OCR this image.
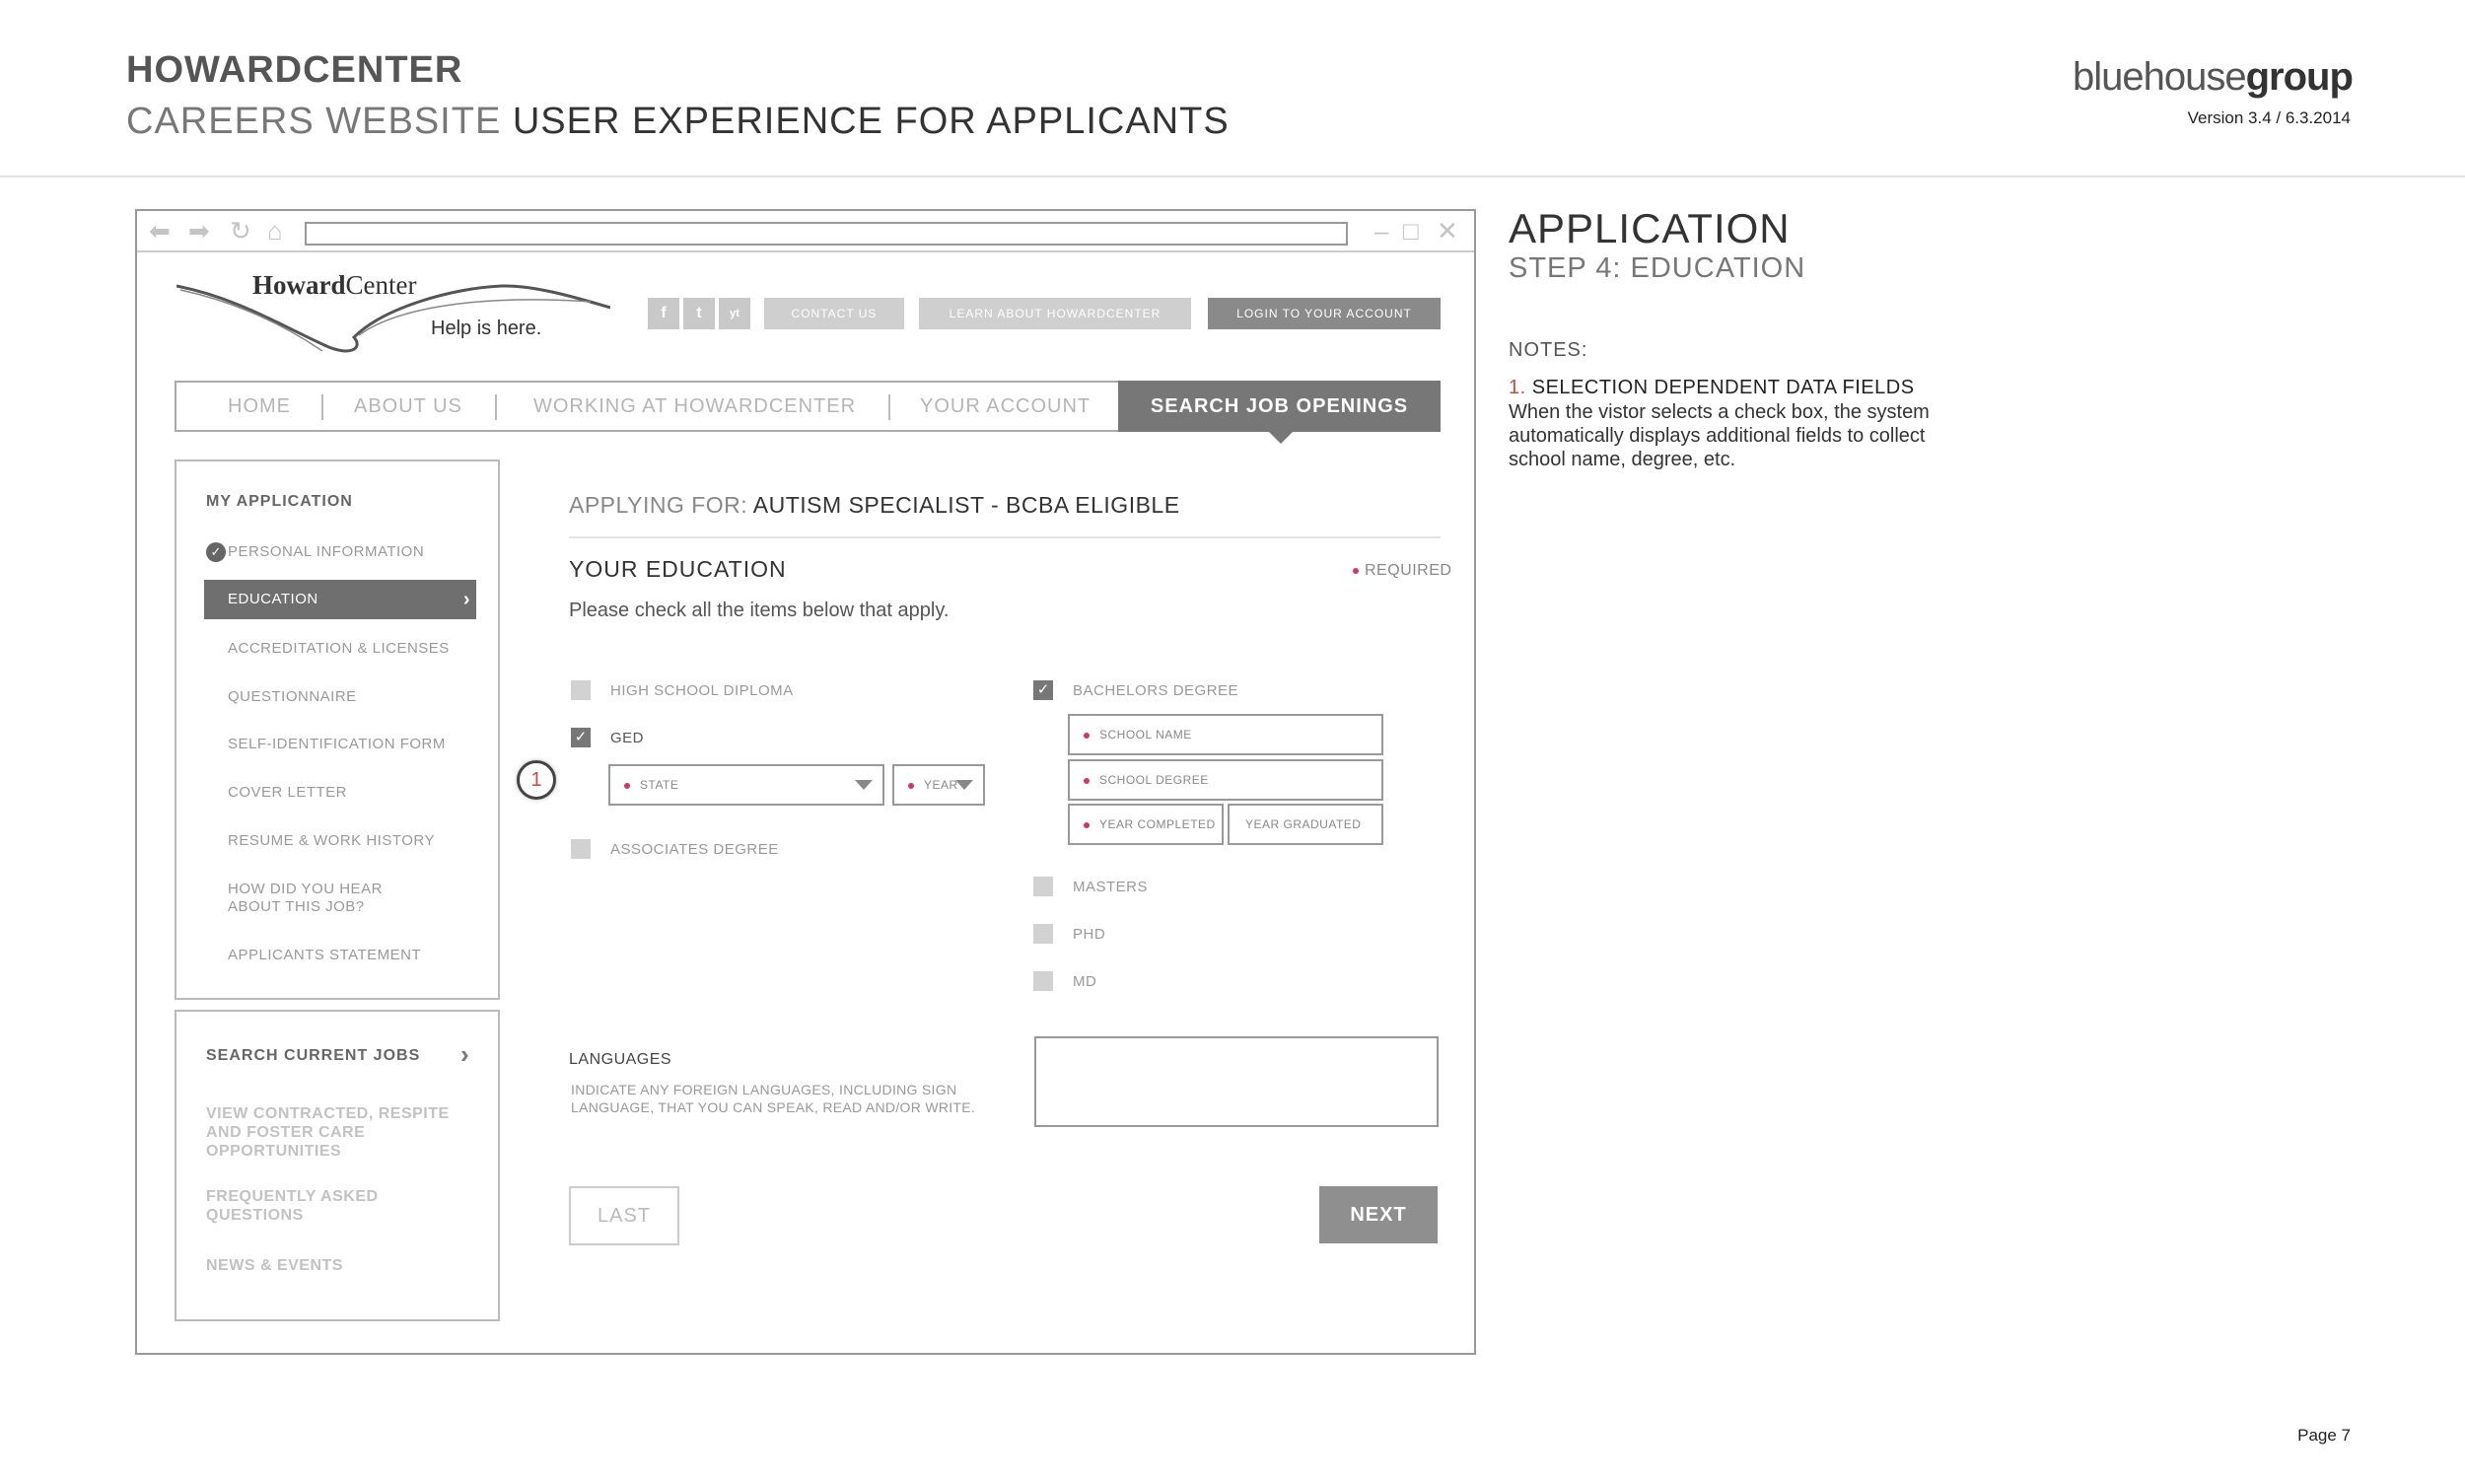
HOWARDCENTER
CAREERS WEBSITE USER EXPERIENCE FOR APPLICANTS
bluehousegroup
Version 3.4 / 6.3.2014
⬅ ➡ ↻ ⌂	– □ ✕
HowardCenter
Help is here.
f	t	yt	CONTACT US	LEARN ABOUT HOWARDCENTER	LOGIN TO YOUR ACCOUNT
HOME	ABOUT US	WORKING AT HOWARDCENTER	YOUR ACCOUNT	SEARCH JOB OPENINGS
MY APPLICATION
✓ PERSONAL INFORMATION
EDUCATION	›
ACCREDITATION & LICENSES
QUESTIONNAIRE
SELF-IDENTIFICATION FORM
COVER LETTER
RESUME & WORK HISTORY
HOW DID YOU HEAR ABOUT THIS JOB?
APPLICANTS STATEMENT
SEARCH CURRENT JOBS ›
VIEW CONTRACTED, RESPITE AND FOSTER CARE OPPORTUNITIES
FREQUENTLY ASKED QUESTIONS
NEWS & EVENTS
APPLYING FOR: AUTISM SPECIALIST - BCBA ELIGIBLE
YOUR EDUCATION	REQUIRED
Please check all the items below that apply.
HIGH SCHOOL DIPLOMA
✓ GED
1	STATE	YEAR
ASSOCIATES DEGREE
✓ BACHELORS DEGREE
SCHOOL NAME
SCHOOL DEGREE
YEAR COMPLETED	YEAR GRADUATED
MASTERS
PHD
MD
LANGUAGES
INDICATE ANY FOREIGN LANGUAGES, INCLUDING SIGN LANGUAGE, THAT YOU CAN SPEAK, READ AND/OR WRITE.
LAST	NEXT
APPLICATION
STEP 4: EDUCATION
NOTES:
1. SELECTION DEPENDENT DATA FIELDS
When the vistor selects a check box, the system automatically displays additional fields to collect school name, degree, etc.
Page 7
